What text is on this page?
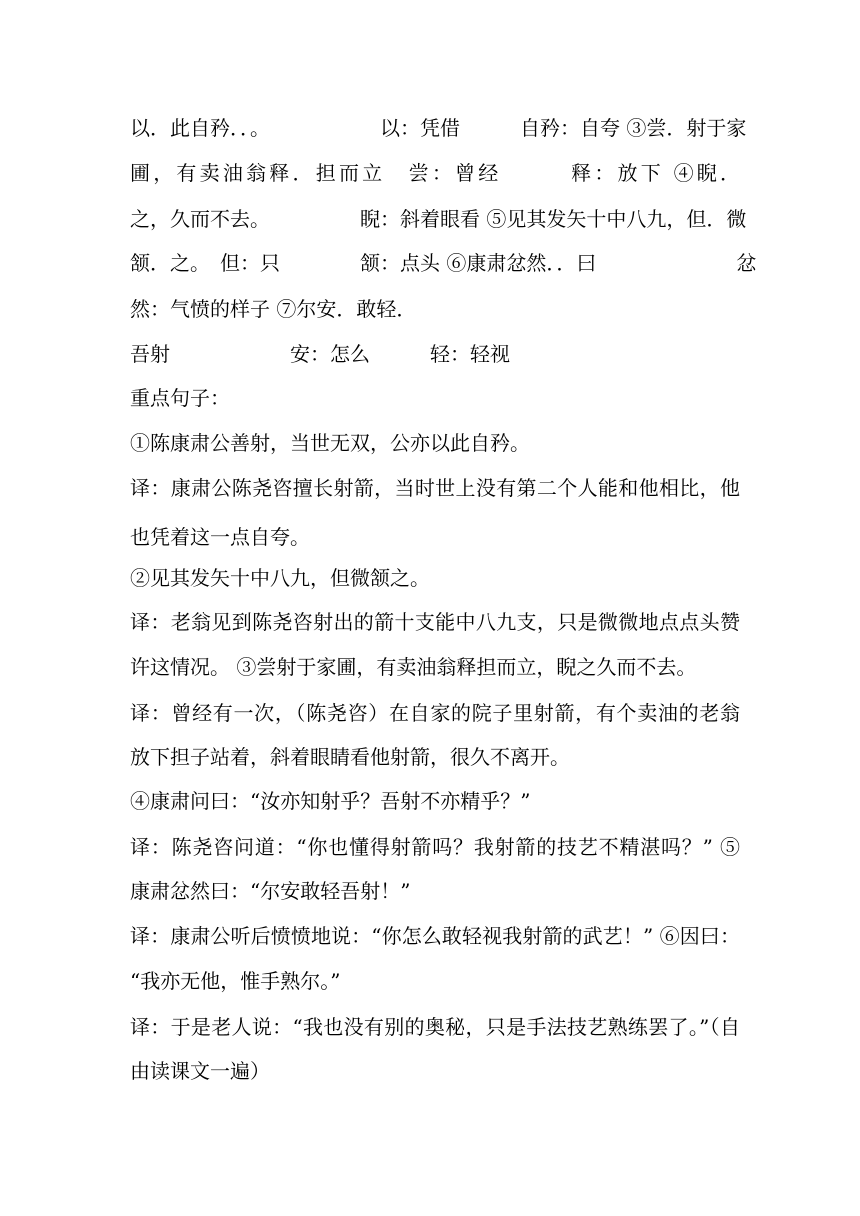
以．此自矜．．。　　　　　　以：凭借　　　自矜：自夸 ③尝．射于家
圃，有卖油翁释．担而立　尝：曾经　　　释：放下 ④睨．
之，久而不去。　　　　　睨：斜着眼看 ⑤见其发矢十中八九，但．微
颔．之。　但：只　　　　颔：点头 ⑥康肃忿然．．曰　　　　　　　忿
然：气愤的样子 ⑦尔安．敢轻．
吾射　　　　　　安：怎么　　　轻：轻视
重点句子：
①陈康肃公善射，当世无双，公亦以此自矜。
译：康肃公陈尧咨擅长射箭，当时世上没有第二个人能和他相比，他
也凭着这一点自夸。
②见其发矢十中八九，但微颔之。
译：老翁见到陈尧咨射出的箭十支能中八九支，只是微微地点点头赞
许这情况。 ③尝射于家圃，有卖油翁释担而立，睨之久而不去。
译：曾经有一次，（陈尧咨）在自家的院子里射箭，有个卖油的老翁
放下担子站着，斜着眼睛看他射箭，很久不离开。
④康肃问曰：“汝亦知射乎？吾射不亦精乎？”
译：陈尧咨问道：“你也懂得射箭吗？我射箭的技艺不精湛吗？” ⑤
康肃忿然曰：“尔安敢轻吾射！”
译：康肃公听后愤愤地说：“你怎么敢轻视我射箭的武艺！” ⑥因曰：
“我亦无他，惟手熟尔。”
译：于是老人说：“我也没有别的奥秘，只是手法技艺熟练罢了。”（自
由读课文一遍）
